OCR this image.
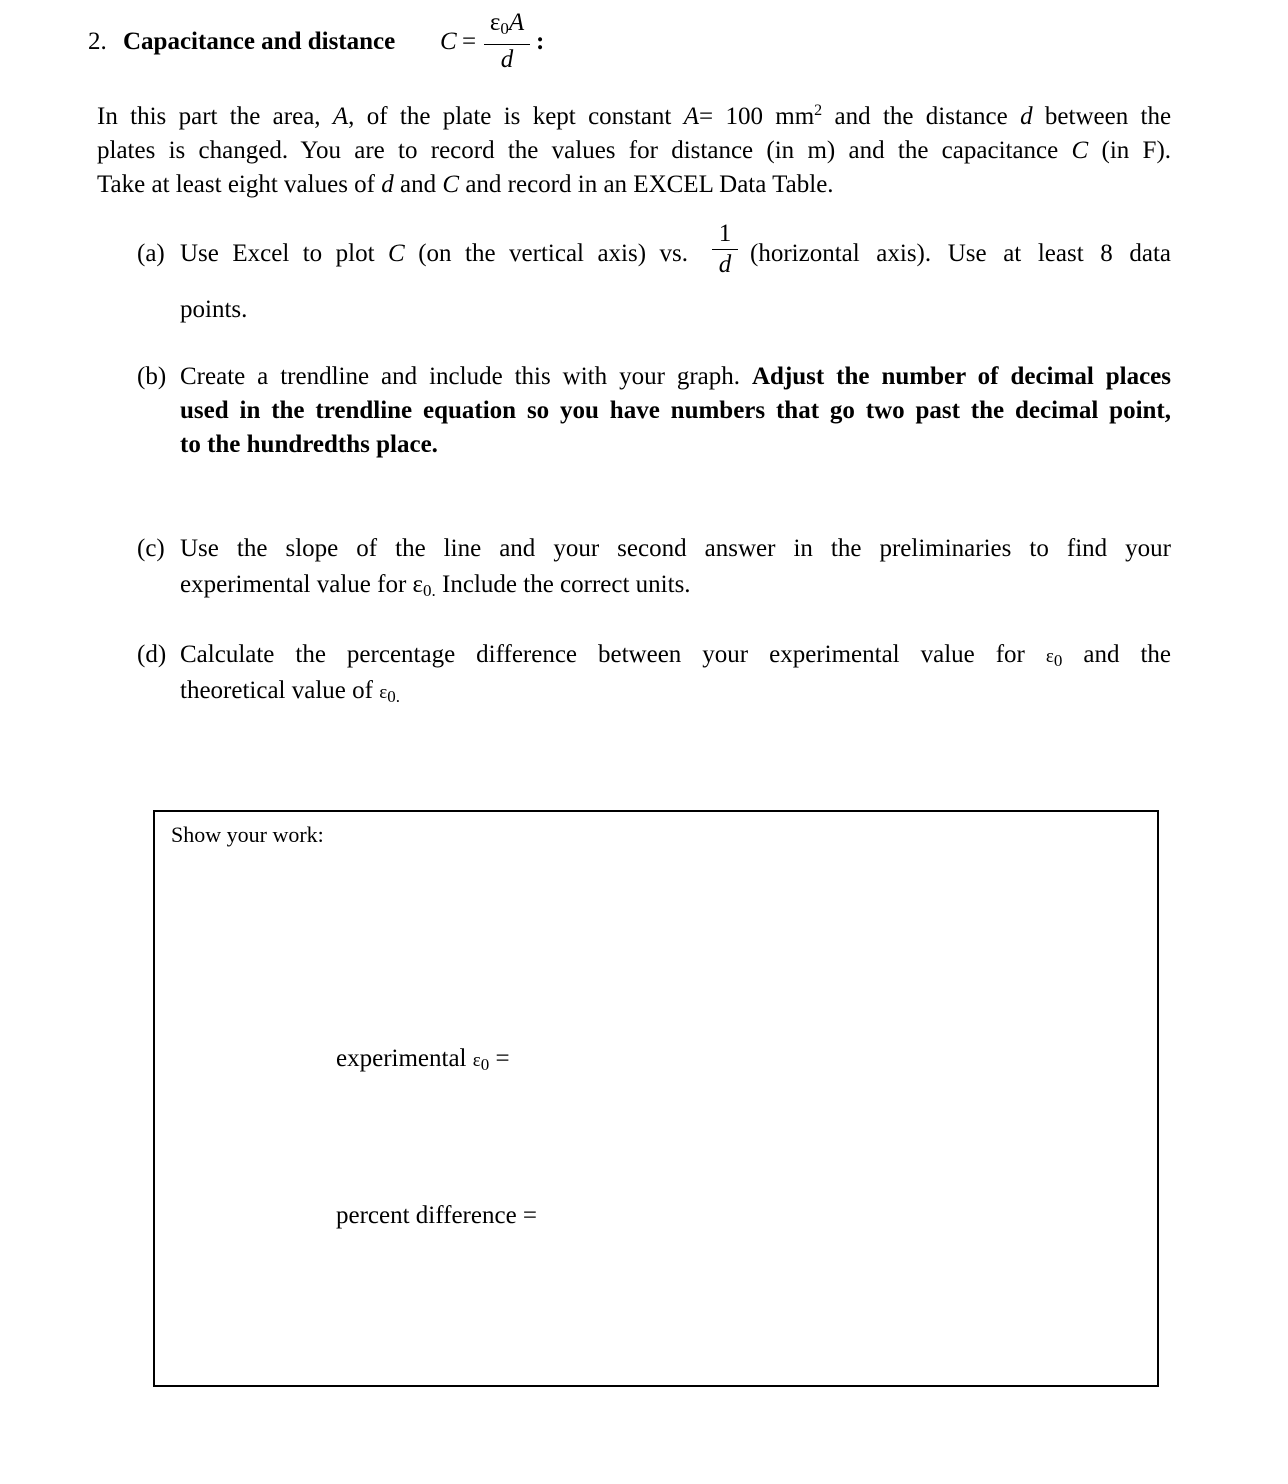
2. Capacitance and distance C =
ε0A
d
:
In this part the area, A, of the plate is kept constant A= 100 $mm^2$ and the distance d between the
plates is changed. You are to record the values for distance (in m) and the capacitance C (in F).
Take at least eight values of d and C and record in an EXCEL Data Table.
(a) Use Excel to plot C (on the vertical axis) vs.
1
d (horizontal axis). Use at least 8 data
points.
(b) Create a trendline and include this with your graph. Adjust the number of decimal places
used in the trendline equation so you have numbers that go two past the decimal point,
to the hundredths place.
(c) Use the slope of the line and your second answer in the preliminaries to find your
experimental value for ε0. Include the correct units.
(d) Calculate the percentage difference between your experimental value for ε0 and the
theoretical value of ε0.
Show your work:
experimental ε0 =
percent difference =
